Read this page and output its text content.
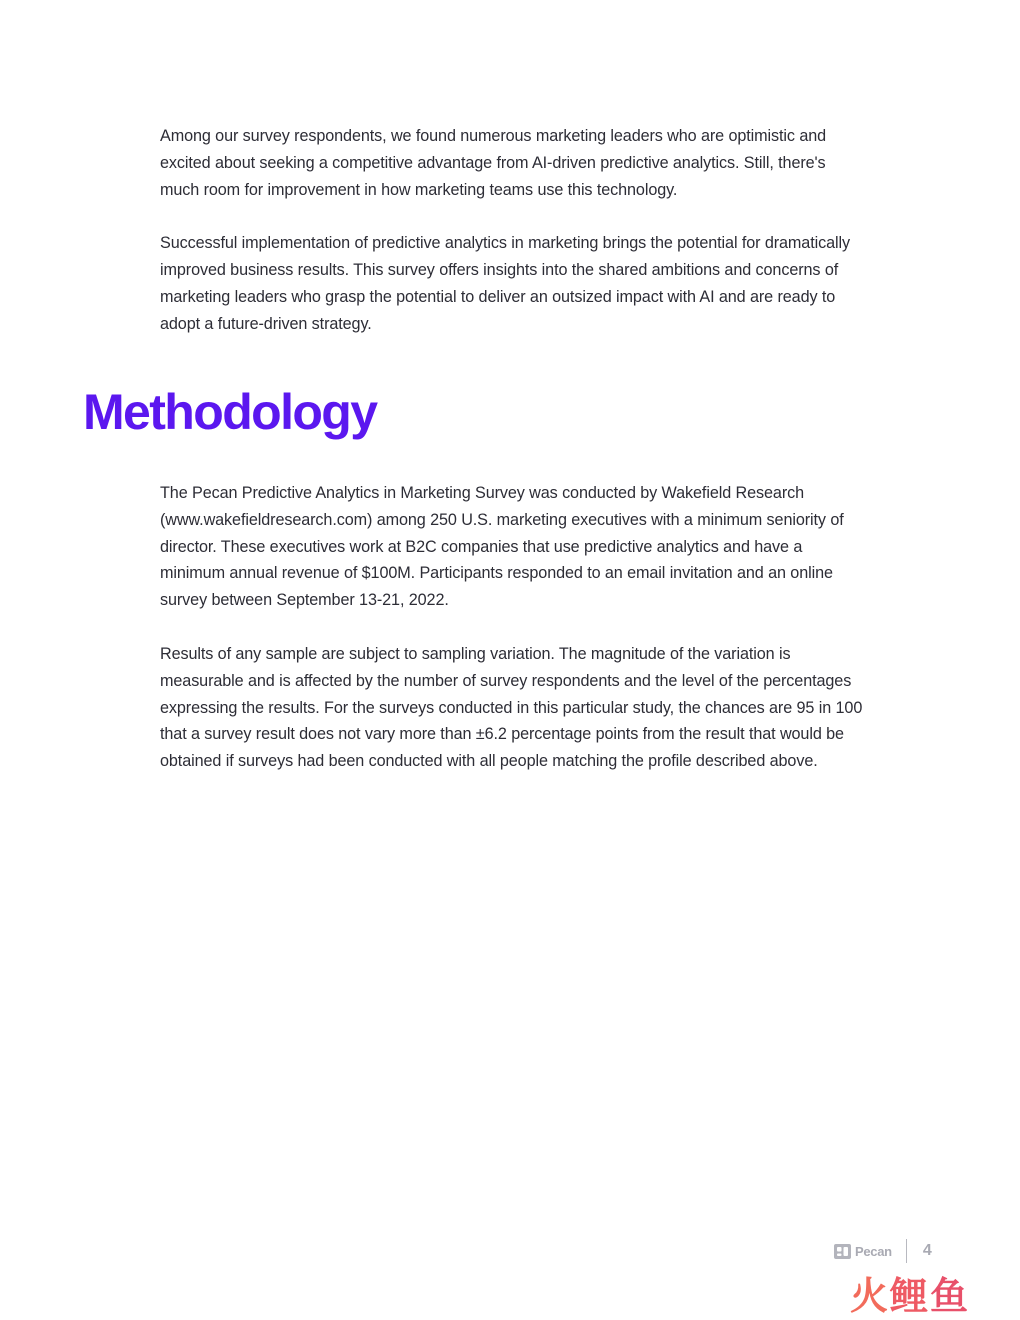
Among our survey respondents, we found numerous marketing leaders who are optimistic and excited about seeking a competitive advantage from AI-driven predictive analytics. Still, there's much room for improvement in how marketing teams use this technology.

Successful implementation of predictive analytics in marketing brings the potential for dramatically improved business results. This survey offers insights into the shared ambitions and concerns of marketing leaders who grasp the potential to deliver an outsized impact with AI and are ready to adopt a future-driven strategy.

Methodology

The Pecan Predictive Analytics in Marketing Survey was conducted by Wakefield Research (www.wakefieldresearch.com) among 250 U.S. marketing executives with a minimum seniority of director. These executives work at B2C companies that use predictive analytics and have a minimum annual revenue of $100M. Participants responded to an email invitation and an online survey between September 13-21, 2022.

Results of any sample are subject to sampling variation. The magnitude of the variation is measurable and is affected by the number of survey respondents and the level of the percentages expressing the results. For the surveys conducted in this particular study, the chances are 95 in 100 that a survey result does not vary more than ±6.2 percentage points from the result that would be obtained if surveys had been conducted with all people matching the profile described above.

Pecan 4
火 鲤 鱼
